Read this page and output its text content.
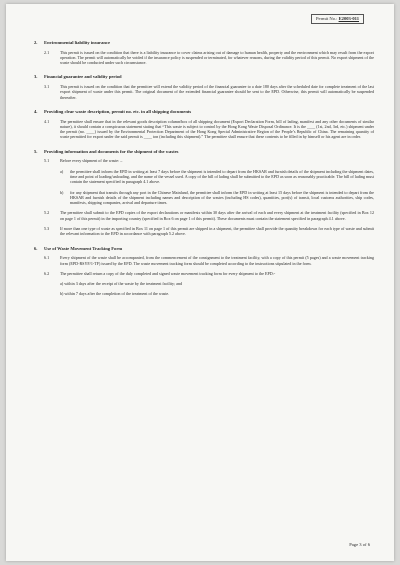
Permit No.: E2003-011
2.	Environmental liability insurance
2.1	This permit is issued on the condition that there is a liability insurance to cover claims arising out of damage to human health, property and the environment which may result from the export operation. The permit will automatically be voided if the insurance policy is suspended or terminated, for whatever reasons, during the validity period of this permit. No export shipment of the waste should be conducted under such circumstance.
3.	Financial guarantee and validity period
3.1	This permit is issued on the condition that the permittee will extend the validity period of the financial guarantee to a date 180 days after the scheduled date for complete treatment of the last export shipment of waste under this permit. The original document of the extended financial guarantee should be sent to the EPD. Otherwise, this permit will automatically be suspended thereafter.
4.	Providing clear waste description, permit no. etc. in all shipping documents
4.1	The permittee shall ensure that in the relevant goods description column/box of all shipping document (Export Declaration Form, bill of lading, manifest and any other documents of similar nature), it should contain a conspicuous statement stating that “This waste is subject to control by the Hong Kong Waste Disposal Ordinance. It is the ____ (1st, 2nd, 3rd, etc.) shipment under the permit (no. ____) issued by the Environmental Protection Department of the Hong Kong Special Administrative Region of the People’s Republic of China. The remaining quantity of waste permitted for export under the said permit is ____ ton (including this shipment).” The permittee shall ensure that these contents to be filled in by himself or his agent are in order.
5.	Providing information and documents for the shipment of the wastes
5.1	Before every shipment of the waste: –
a)	the permittee shall inform the EPD in writing at least 7 days before the shipment is intended to depart from the HKSAR and furnish details of the shipment including the shipment dates, time and point of loading/unloading, and the name of the vessel used. A copy of the bill of lading shall be submitted to the EPD as soon as reasonably practicable. The bill of lading must contain the statement specified in paragraph 4.1 above.
b)	for any shipment that transits through any port in the Chinese Mainland, the permittee shall inform the EPD in writing at least 15 days before the shipment is intended to depart from the HKSAR and furnish details of the shipment including names and description of the wastes (including HS codes), quantities, port(s) of transit, local customs authorities, ship codes, manifests, shipping companies, arrival and departure times.
5.2	The permittee shall submit to the EPD copies of the export declarations or manifests within 30 days after the arrival of each and every shipment at the treatment facility (specified in Box 12 on page 1 of this permit) in the importing country (specified in Box 6 on page 1 of this permit). These documents must contain the statement specified in paragraph 4.1 above.
5.3	If more than one type of waste as specified in Box 11 on page 1 of this permit are shipped in a shipment, the permittee shall provide the quantity breakdown for each type of waste and submit the relevant information to the EPD in accordance with paragraph 5.2 above.
6.	Use of Waste Movement Tracking Form
6.1	Every shipment of the waste shall be accompanied, from the commencement of the consignment to the treatment facility, with a copy of this permit (5 pages) and a waste movement tracking form (EPD-RSYF/1-TF) issued by the EPD. The waste movement tracking form should be completed according to the instructions stipulated in the form.
6.2	The permittee shall return a copy of the duly completed and signed waste movement tracking form for every shipment to the EPD:-
a) within 3 days after the receipt of the waste by the treatment facility; and
b) within 7 days after the completion of the treatment of the waste.
Page 3 of 6
